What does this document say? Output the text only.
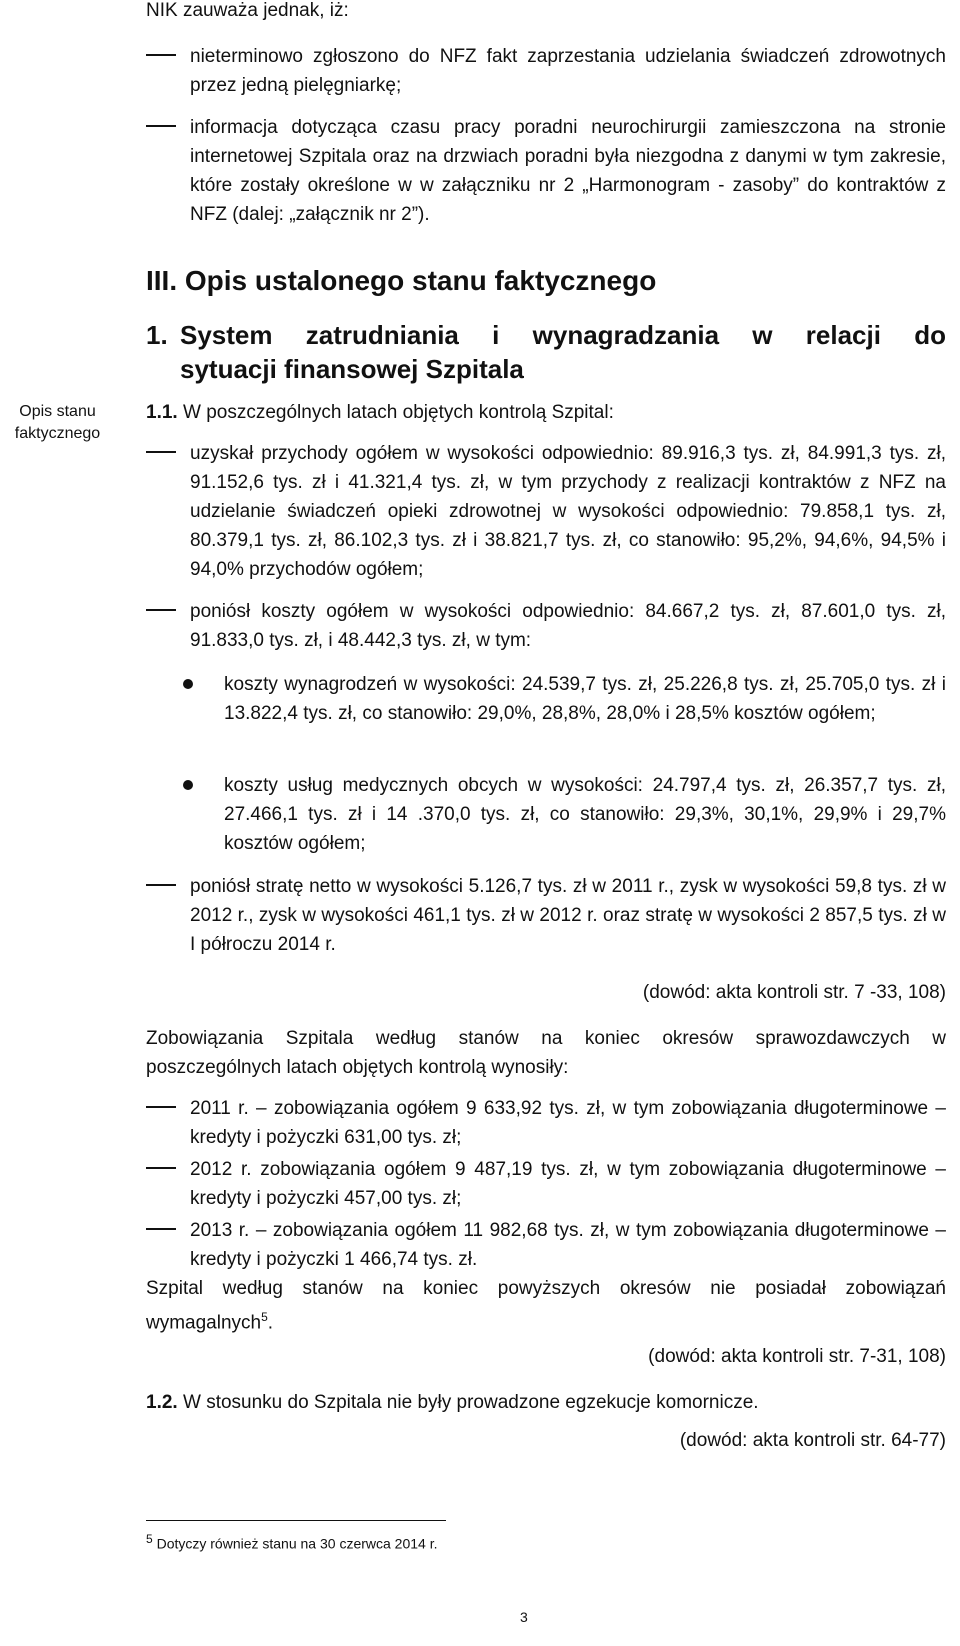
NIK zauważa jednak, iż:
nieterminowo zgłoszono do NFZ fakt zaprzestania udzielania świadczeń zdrowotnych przez jedną pielęgniarkę;
informacja dotycząca czasu pracy poradni neurochirurgii zamieszczona na stronie internetowej Szpitala oraz na drzwiach poradni była niezgodna z danymi w tym zakresie, które zostały określone w w załączniku nr 2 „Harmonogram - zasoby” do kontraktów z NFZ (dalej: „załącznik nr 2”).
Opis stanu faktycznego
III. Opis ustalonego stanu faktycznego
1. System zatrudniania i wynagradzania w relacji do
sytuacji finansowej Szpitala
1.1. W poszczególnych latach objętych kontrolą Szpital:
uzyskał przychody ogółem w wysokości odpowiednio: 89.916,3 tys. zł, 84.991,3 tys. zł, 91.152,6 tys. zł i 41.321,4 tys. zł, w tym przychody z realizacji kontraktów z NFZ na udzielanie świadczeń opieki zdrowotnej w wysokości odpowiednio: 79.858,1 tys. zł, 80.379,1 tys. zł, 86.102,3 tys. zł i 38.821,7 tys. zł, co stanowiło: 95,2%, 94,6%, 94,5% i 94,0% przychodów ogółem;
poniósł koszty ogółem w wysokości odpowiednio: 84.667,2 tys. zł, 87.601,0 tys. zł, 91.833,0 tys. zł, i 48.442,3 tys. zł, w tym:
koszty wynagrodzeń w wysokości: 24.539,7 tys. zł, 25.226,8 tys. zł, 25.705,0 tys. zł i 13.822,4 tys. zł, co stanowiło: 29,0%, 28,8%, 28,0% i 28,5% kosztów ogółem;
koszty usług medycznych obcych w wysokości: 24.797,4 tys. zł, 26.357,7 tys. zł, 27.466,1 tys. zł i 14 .370,0 tys. zł, co stanowiło: 29,3%, 30,1%, 29,9% i 29,7% kosztów ogółem;
poniósł stratę netto w wysokości 5.126,7 tys. zł w 2011 r., zysk w wysokości 59,8 tys. zł w 2012 r., zysk w wysokości 461,1 tys. zł w 2012 r. oraz stratę w wysokości 2 857,5 tys. zł w I półroczu 2014 r.
(dowód: akta kontroli str. 7 -33, 108)
Zobowiązania Szpitala według stanów na koniec okresów sprawozdawczych w poszczególnych latach objętych kontrolą wynosiły:
2011 r. – zobowiązania ogółem 9 633,92 tys. zł, w tym zobowiązania długoterminowe – kredyty i pożyczki 631,00 tys. zł;
2012 r. zobowiązania ogółem 9 487,19 tys. zł, w tym zobowiązania długoterminowe – kredyty i pożyczki 457,00 tys. zł;
2013 r. – zobowiązania ogółem 11 982,68 tys. zł, w tym zobowiązania długoterminowe – kredyty i pożyczki 1 466,74 tys. zł.
Szpital według stanów na koniec powyższych okresów nie posiadał zobowiązań wymagalnych$^5$.
(dowód: akta kontroli str. 7-31, 108)
1.2. W stosunku do Szpitala nie były prowadzone egzekucje komornicze.
(dowód: akta kontroli str. 64-77)
$^5$ Dotyczy również stanu na 30 czerwca 2014 r.
3
